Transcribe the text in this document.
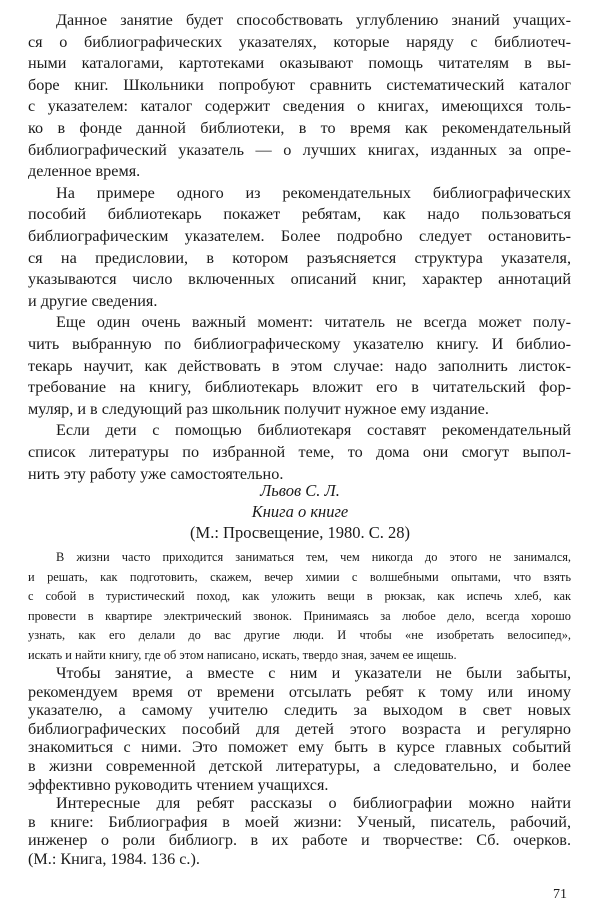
Данное занятие будет способствовать углублению знаний учащих-
ся о библиографических указателях, которые наряду с библиотеч-
ными каталогами, картотеками оказывают помощь читателям в вы-
боре книг. Школьники попробуют сравнить систематический каталог
с указателем: каталог содержит сведения о книгах, имеющихся толь-
ко в фонде данной библиотеки, в то время как рекомендательный
библиографический указатель — о лучших книгах, изданных за опре-
деленное время.
На примере одного из рекомендательных библиографических
пособий библиотекарь покажет ребятам, как надо пользоваться
библиографическим указателем. Более подробно следует остановить-
ся на предисловии, в котором разъясняется структура указателя,
указываются число включенных описаний книг, характер аннотаций
и другие сведения.
Еще один очень важный момент: читатель не всегда может полу-
чить выбранную по библиографическому указателю книгу. И библио-
текарь научит, как действовать в этом случае: надо заполнить листок-
требование на книгу, библиотекарь вложит его в читательский фор-
муляр, и в следующий раз школьник получит нужное ему издание.
Если дети с помощью библиотекаря составят рекомендательный
список литературы по избранной теме, то дома они смогут выпол-
нить эту работу уже самостоятельно.
Львов С. Л.
Книга о книге
(М.: Просвещение, 1980. С. 28)
В жизни часто приходится заниматься тем, чем никогда до этого не занимался,
и решать, как подготовить, скажем, вечер химии с волшебными опытами, что взять
с собой в туристический поход, как уложить вещи в рюкзак, как испечь хлеб, как
провести в квартире электрический звонок. Принимаясь за любое дело, всегда хорошо
узнать, как его делали до вас другие люди. И чтобы «не изобретать велосипед»,
искать и найти книгу, где об этом написано, искать, твердо зная, зачем ее ищешь.
Чтобы занятие, а вместе с ним и указатели не были забыты,
рекомендуем время от времени отсылать ребят к тому или иному
указателю, а самому учителю следить за выходом в свет новых
библиографических пособий для детей этого возраста и регулярно
знакомиться с ними. Это поможет ему быть в курсе главных событий
в жизни современной детской литературы, а следовательно, и более
эффективно руководить чтением учащихся.
Интересные для ребят рассказы о библиографии можно найти
в книге: Библиография в моей жизни: Ученый, писатель, рабочий,
инженер о роли библиогр. в их работе и творчестве: Сб. очерков.
(М.: Книга, 1984. 136 с.).
71
